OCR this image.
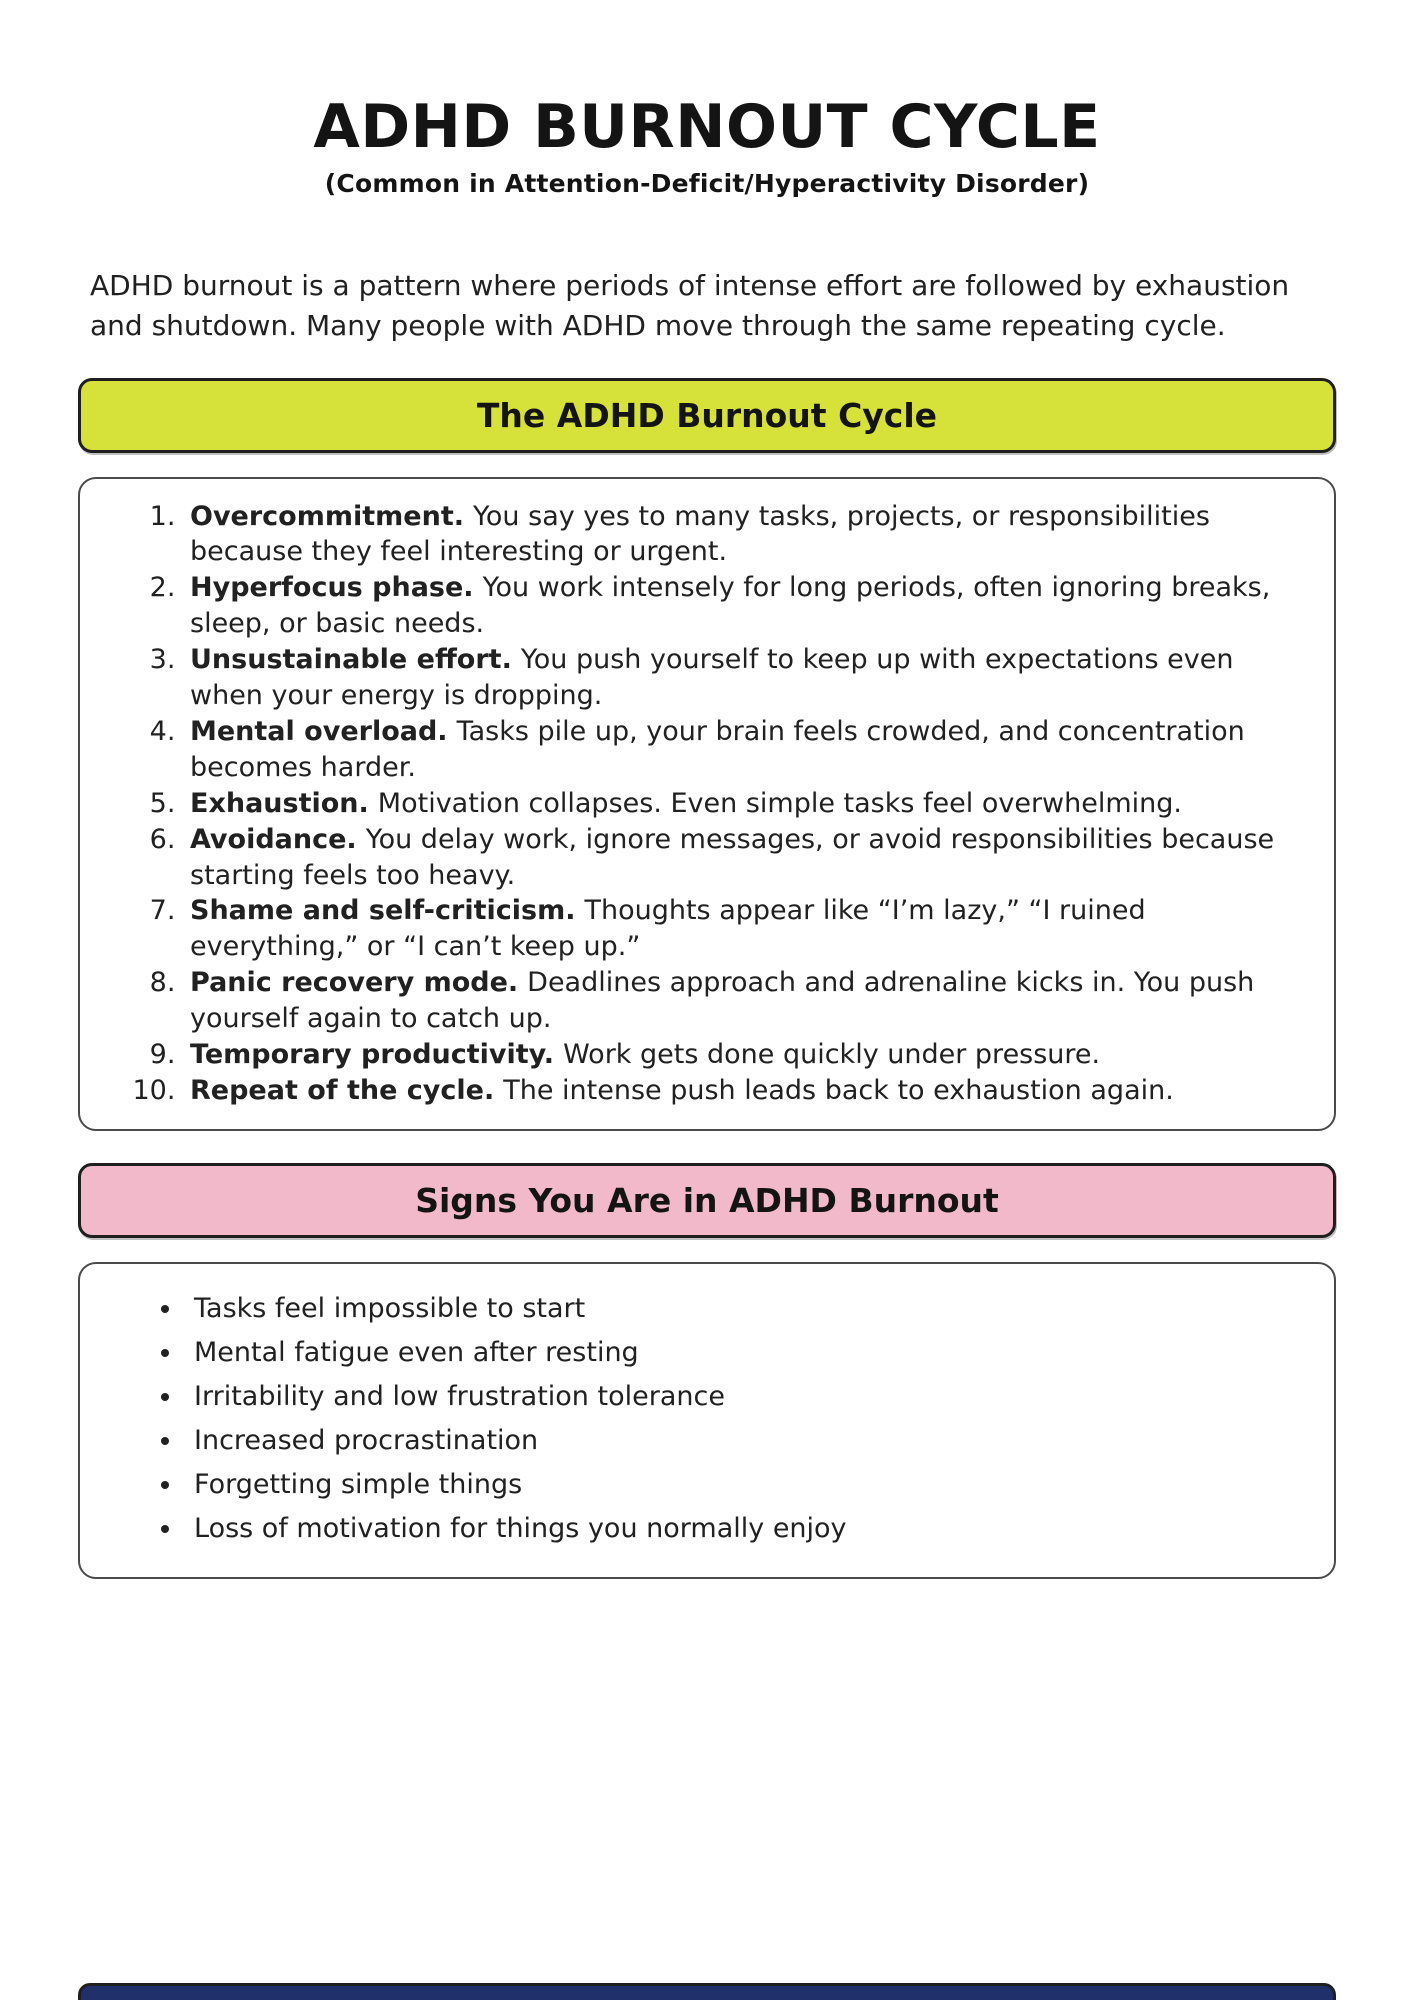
ADHD BURNOUT CYCLE
(Common in Attention-Deficit/Hyperactivity Disorder)

ADHD burnout is a pattern where periods of intense effort are followed by exhaustion and shutdown. Many people with ADHD move through the same repeating cycle.

The ADHD Burnout Cycle
1. Overcommitment. You say yes to many tasks, projects, or responsibilities because they feel interesting or urgent.
2. Hyperfocus phase. You work intensely for long periods, often ignoring breaks, sleep, or basic needs.
3. Unsustainable effort. You push yourself to keep up with expectations even when your energy is dropping.
4. Mental overload. Tasks pile up, your brain feels crowded, and concentration becomes harder.
5. Exhaustion. Motivation collapses. Even simple tasks feel overwhelming.
6. Avoidance. You delay work, ignore messages, or avoid responsibilities because starting feels too heavy.
7. Shame and self-criticism. Thoughts appear like “I’m lazy,” “I ruined everything,” or “I can’t keep up.”
8. Panic recovery mode. Deadlines approach and adrenaline kicks in. You push yourself again to catch up.
9. Temporary productivity. Work gets done quickly under pressure.
10. Repeat of the cycle. The intense push leads back to exhaustion again.
Signs You Are in ADHD Burnout
• Tasks feel impossible to start
• Mental fatigue even after resting
• Irritability and low frustration tolerance
• Increased procrastination
• Forgetting simple things
• Loss of motivation for things you normally enjoy
